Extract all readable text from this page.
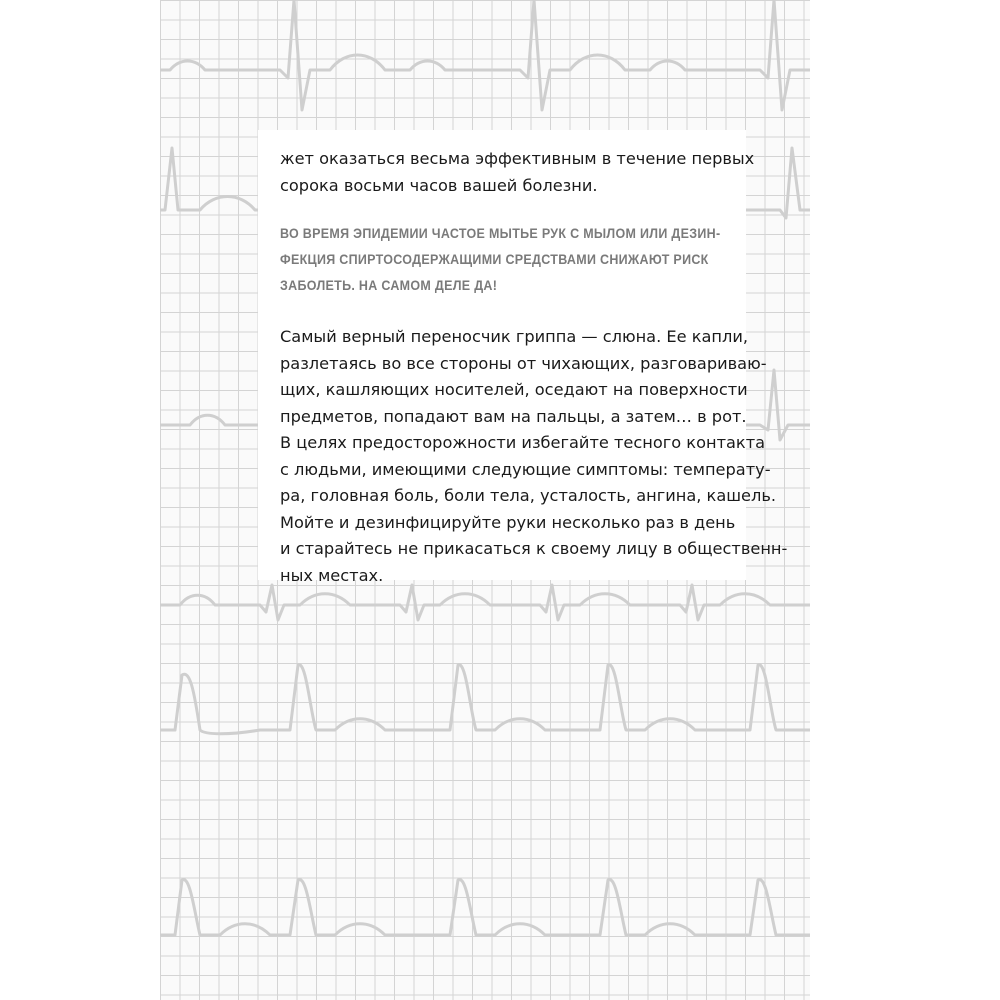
жет оказаться весьма эффективным в течение первых
сорока восьми часов вашей болезни.

ВО ВРЕМЯ ЭПИДЕМИИ ЧАСТОЕ МЫТЬЕ РУК С МЫЛОМ ИЛИ ДЕЗИН-
ФЕКЦИЯ СПИРТОСОДЕРЖАЩИМИ СРЕДСТВАМИ СНИЖАЮТ РИСК
ЗАБОЛЕТЬ. НА САМОМ ДЕЛЕ ДА!

Самый верный переносчик гриппа — слюна. Ее капли,
разлетаясь во все стороны от чихающих, разговариваю-
щих, кашляющих носителей, оседают на поверхности
предметов, попадают вам на пальцы, а затем… в рот.
В целях предосторожности избегайте тесного контакта
с людьми, имеющими следующие симптомы: температу-
ра, головная боль, боли тела, усталость, ангина, кашель.
Мойте и дезинфицируйте руки несколько раз в день
и старайтесь не прикасаться к своему лицу в общественн-
ных местах.
